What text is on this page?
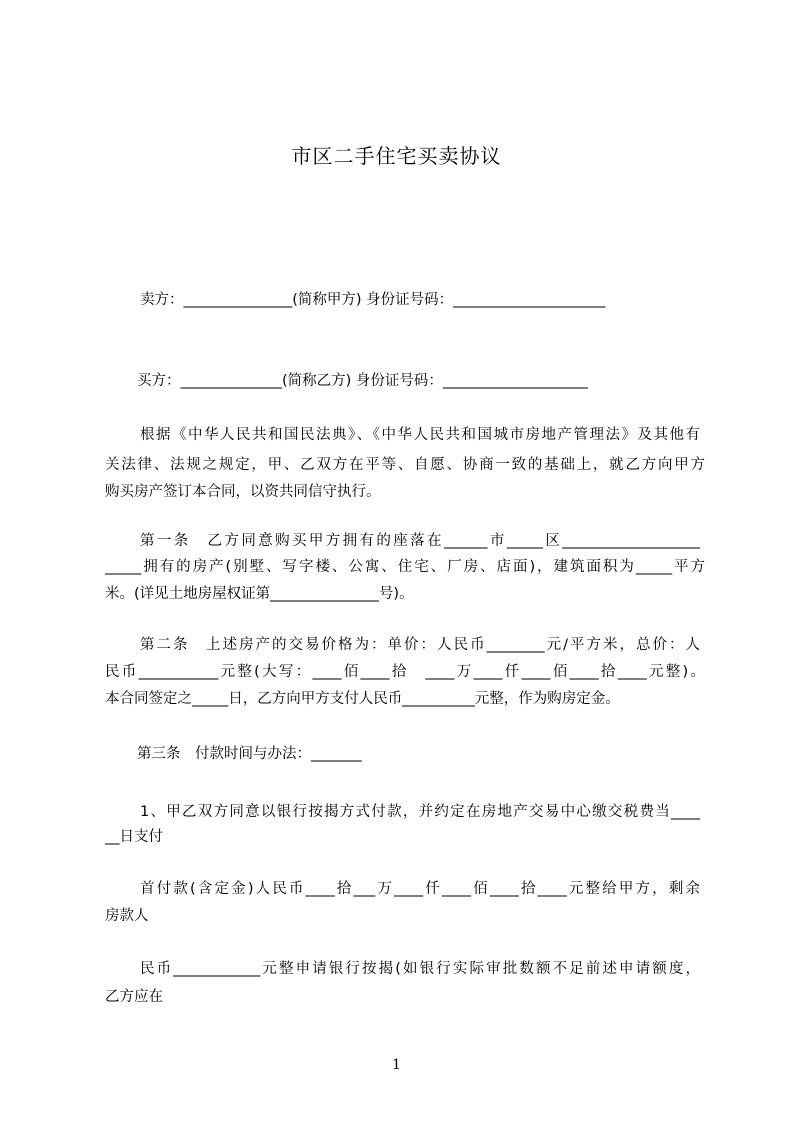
市区二手住宅买卖协议
卖方：_______________(简称甲方) 身份证号码：_____________________
买方：______________(简称乙方) 身份证号码：____________________
根据《中华人民共和国民法典》、《中华人民共和国城市房地产管理法》及其他有
关法律、法规之规定，甲、乙双方在平等、自愿、协商一致的基础上，就乙方向甲方
购买房产签订本合同，以资共同信守执行。
第一条　乙方同意购买甲方拥有的座落在______市_____区___________________
_____拥有的房产(别墅、写字楼、公寓、住宅、厂房、店面)，建筑面积为_____平方
米。(详见土地房屋权证第_______________号)。
第二条　上述房产的交易价格为：单价：人民币________元/平方米，总价：人
民币___________元整(大写：____佰____拾　____万____仟____佰____拾____元整)。
本合同签定之_____日，乙方向甲方支付人民币__________元整，作为购房定金。
第三条　付款时间与办法：_______
1、甲乙双方同意以银行按揭方式付款，并约定在房地产交易中心缴交税费当____
__日支付
首付款(含定金)人民币____拾___万____仟____佰____拾____元整给甲方，剩余
房款人
民币____________元整申请银行按揭(如银行实际审批数额不足前述申请额度，
乙方应在
1
